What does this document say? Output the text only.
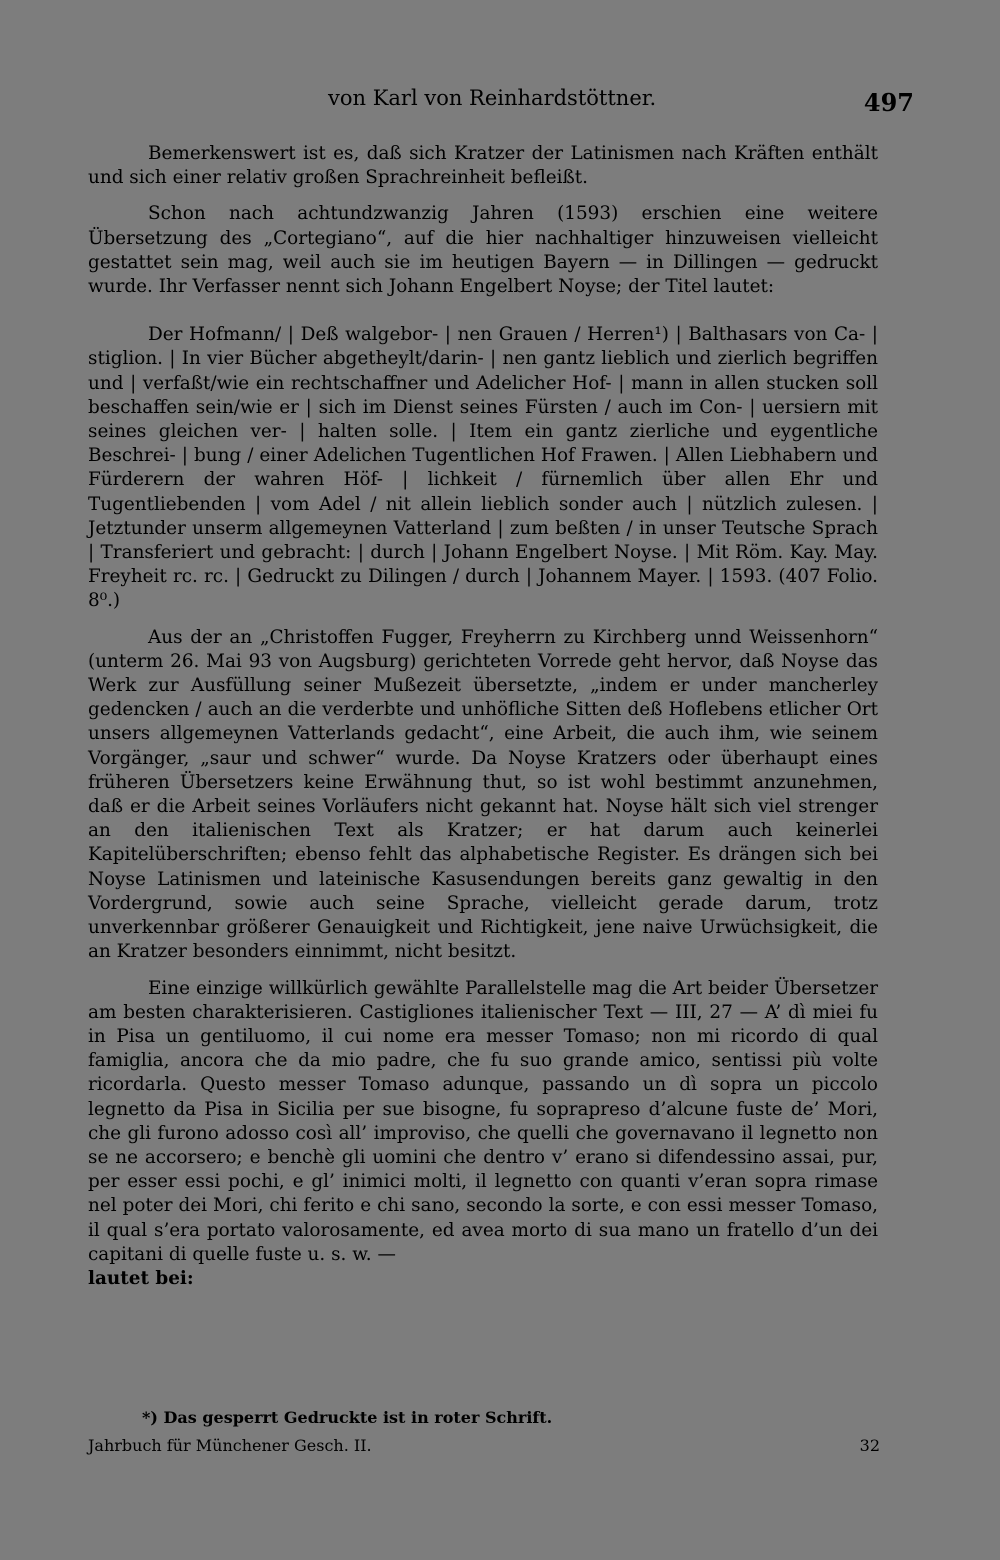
von Karl von Reinhardstöttner.	497

Bemerkenswert ist es, daß sich Kratzer der Latinismen nach Kräften enthält und sich einer relativ großen Sprachreinheit befleißt.

Schon nach achtundzwanzig Jahren (1593) erschien eine weitere Übersetzung des „Cortegiano“, auf die hier nachhaltiger hinzuweisen vielleicht gestattet sein mag, weil auch sie im heutigen Bayern — in Dillingen — gedruckt wurde. Ihr Verfasser nennt sich Johann Engelbert Noyse; der Titel lautet:

Der Hofmann/ | Deß walgebor- | nen Grauen / Herren¹) | Balthasars von Ca- | stiglion. | In vier Bücher abgetheylt/darin- | nen gantz lieblich und zierlich begriffen und | verfaßt/wie ein rechtschaffner und Adelicher Hof- | mann in allen stucken soll beschaffen sein/wie er | sich im Dienst seines Fürsten / auch im Con- | uersiern mit seines gleichen ver- | halten solle. | Item ein gantz zierliche und eygentliche Beschrei- | bung / einer Adelichen Tugentlichen Hof Frawen. | Allen Liebhabern und Fürderern der wahren Höf- | lichkeit / fürnemlich über allen Ehr und Tugentliebenden | vom Adel / nit allein lieblich sonder auch | nützlich zulesen. | Jetztunder unserm allgemeynen Vatterland | zum beßten / in unser Teutsche Sprach | Transferiert und gebracht: | durch | Johann Engelbert Noyse. | Mit Röm. Kay. May. Freyheit rc. rc. | Gedruckt zu Dilingen / durch | Johannem Mayer. | 1593. (407 Folio. 8⁰.)

Aus der an „Christoffen Fugger, Freyherrn zu Kirchberg unnd Weissenhorn“ (unterm 26. Mai 93 von Augsburg) gerichteten Vorrede geht hervor, daß Noyse das Werk zur Ausfüllung seiner Mußezeit übersetzte, „indem er under mancherley gedencken / auch an die verderbte und unhöfliche Sitten deß Hoflebens etlicher Ort unsers allgemeynen Vatterlands gedacht“, eine Arbeit, die auch ihm, wie seinem Vorgänger, „saur und schwer“ wurde. Da Noyse Kratzers oder überhaupt eines früheren Übersetzers keine Erwähnung thut, so ist wohl bestimmt anzunehmen, daß er die Arbeit seines Vorläufers nicht gekannt hat. Noyse hält sich viel strenger an den italienischen Text als Kratzer; er hat darum auch keinerlei Kapitelüberschriften; ebenso fehlt das alphabetische Register. Es drängen sich bei Noyse Latinismen und lateinische Kasusendungen bereits ganz gewaltig in den Vordergrund, sowie auch seine Sprache, vielleicht gerade darum, trotz unverkennbar größerer Genauigkeit und Richtigkeit, jene naive Urwüchsigkeit, die an Kratzer besonders einnimmt, nicht besitzt.

Eine einzige willkürlich gewählte Parallelstelle mag die Art beider Übersetzer am besten charakterisieren. Castigliones italienischer Text — III, 27 — A’ dì miei fu in Pisa un gentiluomo, il cui nome era messer Tomaso; non mi ricordo di qual famiglia, ancora che da mio padre, che fu suo grande amico, sentissi più volte ricordarla. Questo messer Tomaso adunque, passando un dì sopra un piccolo legnetto da Pisa in Sicilia per sue bisogne, fu soprapreso d’alcune fuste de’ Mori, che gli furono adosso così all’ improviso, che quelli che governavano il legnetto non se ne accorsero; e benchè gli uomini che dentro v’ erano si difendessino assai, pur, per esser essi pochi, e gl’ inimici molti, il legnetto con quanti v’eran sopra rimase nel poter dei Mori, chi ferito e chi sano, secondo la sorte, e con essi messer Tomaso, il qual s’era portato valorosamente, ed avea morto di sua mano un fratello d’un dei capitani di quelle fuste u. s. w. —

lautet bei:

*) Das gesperrt Gedruckte ist in roter Schrift.
Jahrbuch für Münchener Gesch. II.	32
